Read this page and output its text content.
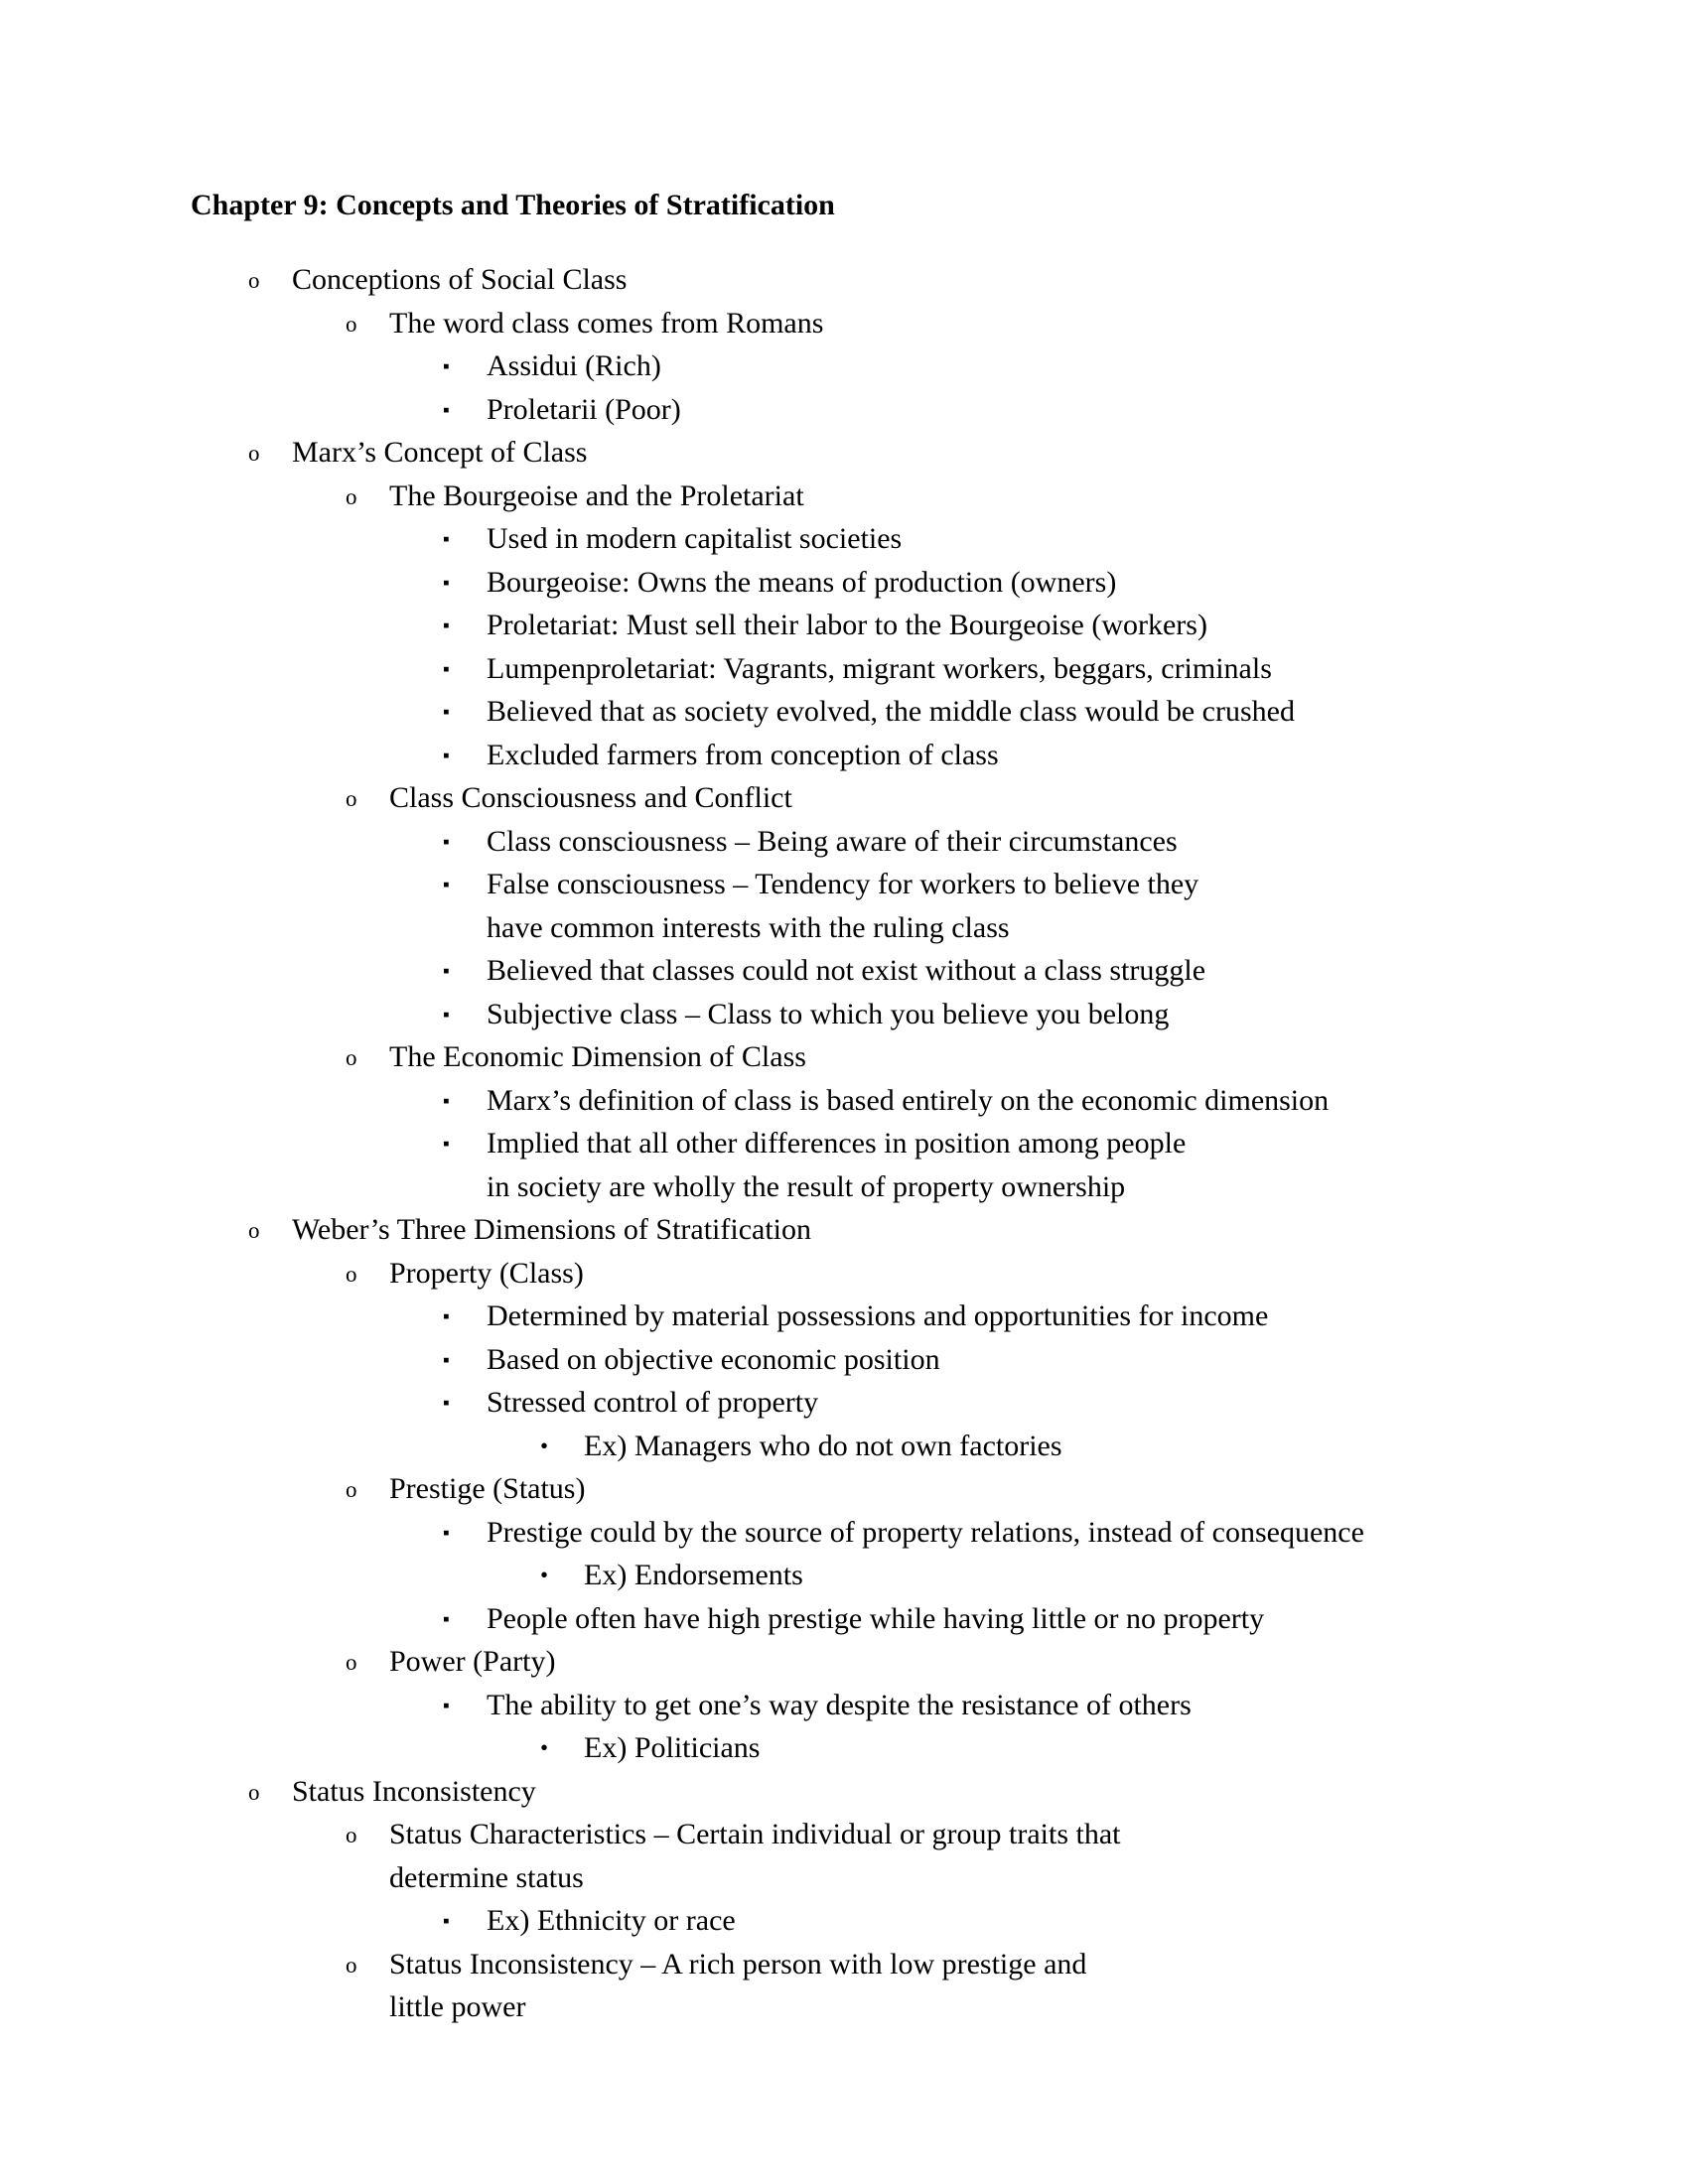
Chapter 9: Concepts and Theories of Stratification
o	Conceptions of Social Class
o	The word class comes from Romans
▪	Assidui (Rich)
▪	Proletarii (Poor)
o	Marx’s Concept of Class
o	The Bourgeoise and the Proletariat
▪	Used in modern capitalist societies
▪	Bourgeoise: Owns the means of production (owners)
▪	Proletariat: Must sell their labor to the Bourgeoise (workers)
▪	Lumpenproletariat: Vagrants, migrant workers, beggars, criminals
▪	Believed that as society evolved, the middle class would be crushed
▪	Excluded farmers from conception of class
o	Class Consciousness and Conflict
▪	Class consciousness – Being aware of their circumstances
▪	False consciousness – Tendency for workers to believe they have common interests with the ruling class
▪	Believed that classes could not exist without a class struggle
▪	Subjective class – Class to which you believe you belong
o	The Economic Dimension of Class
▪	Marx’s definition of class is based entirely on the economic dimension
▪	Implied that all other differences in position among people in society are wholly the result of property ownership
o	Weber’s Three Dimensions of Stratification
o	Property (Class)
▪	Determined by material possessions and opportunities for income
▪	Based on objective economic position
▪	Stressed control of property
•	Ex) Managers who do not own factories
o	Prestige (Status)
▪	Prestige could by the source of property relations, instead of consequence
•	Ex) Endorsements
▪	People often have high prestige while having little or no property
o	Power (Party)
▪	The ability to get one’s way despite the resistance of others
•	Ex) Politicians
o	Status Inconsistency
o	Status Characteristics – Certain individual or group traits that determine status
▪	Ex) Ethnicity or race
o	Status Inconsistency – A rich person with low prestige and little power
